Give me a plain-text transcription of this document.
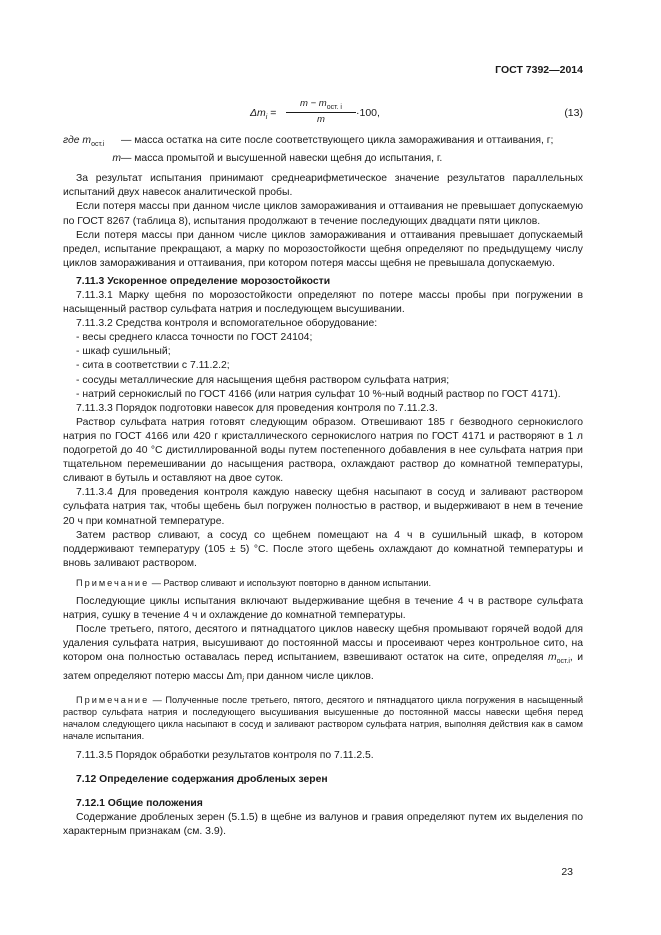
ГОСТ 7392—2014
$\Delta m_i$ =
$m - m_{ост. i}$
m
·100,	(13)
где $m_{ост.i}$	— масса остатка на сите после соответствующего цикла замораживания и оттаивания, г;
m — масса промытой и высушенной навески щебня до испытания, г.

За результат испытания принимают среднеарифметическое значение результатов параллельных испытаний двух навесок аналитической пробы.

Если потеря массы при данном числе циклов замораживания и оттаивания не превышает допускаемую по ГОСТ 8267 (таблица 8), испытания продолжают в течение последующих двадцати пяти циклов.

Если потеря массы при данном числе циклов замораживания и оттаивания превышает допускаемый предел, испытание прекращают, а марку по морозостойкости щебня определяют по предыдущему числу циклов замораживания и оттаивания, при котором потеря массы щебня не превышала допускаемую.

7.11.3 Ускоренное определение морозостойкости

7.11.3.1 Марку щебня по морозостойкости определяют по потере массы пробы при погружении в насыщенный раствор сульфата натрия и последующем высушивании.

7.11.3.2 Средства контроля и вспомогательное оборудование:

- весы среднего класса точности по ГОСТ 24104;

- шкаф сушильный;

- сита в соответствии с 7.11.2.2;

- сосуды металлические для насыщения щебня раствором сульфата натрия;

- натрий сернокислый по ГОСТ 4166 (или натрия сульфат 10 %-ный водный раствор по ГОСТ 4171).

7.11.3.3 Порядок подготовки навесок для проведения контроля по 7.11.2.3.

Раствор сульфата натрия готовят следующим образом. Отвешивают 185 г безводного сернокислого натрия по ГОСТ 4166 или 420 г кристаллического сернокислого натрия по ГОСТ 4171 и растворяют в 1 л подогретой до 40 °С дистиллированной воды путем постепенного добавления в нее сульфата натрия при тщательном перемешивании до насыщения раствора, охлаждают раствор до комнатной температуры, сливают в бутыль и оставляют на двое суток.

7.11.3.4 Для проведения контроля каждую навеску щебня насыпают в сосуд и заливают раствором сульфата натрия так, чтобы щебень был погружен полностью в раствор, и выдерживают в нем в течение 20 ч при комнатной температуре.

Затем раствор сливают, а сосуд со щебнем помещают на 4 ч в сушильный шкаф, в котором поддерживают температуру (105 ± 5) °С. После этого щебень охлаждают до комнатной температуры и вновь заливают раствором.

Примечание — Раствор сливают и используют повторно в данном испытании.

Последующие циклы испытания включают выдерживание щебня в течение 4 ч в растворе сульфата натрия, сушку в течение 4 ч и охлаждение до комнатной температуры.

После третьего, пятого, десятого и пятнадцатого циклов навеску щебня промывают горячей водой для удаления сульфата натрия, высушивают до постоянной массы и просеивают через контрольное сито, на котором она полностью оставалась перед испытанием, взвешивают остаток на сите, определяя $m_{ост.i}$, и затем определяют потерю массы $\Delta m_i$ при данном числе циклов.

Примечание — Полученные после третьего, пятого, десятого и пятнадцатого цикла погружения в насыщенный раствор сульфата натрия и последующего высушивания высушенные до постоянной массы навески щебня перед началом следующего цикла насыпают в сосуд и заливают раствором сульфата натрия, выполняя действия как в самом начале испытания.

7.11.3.5 Порядок обработки результатов контроля по 7.11.2.5.

7.12 Определение содержания дробленых зерен

7.12.1 Общие положения

Содержание дробленых зерен (5.1.5) в щебне из валунов и гравия определяют путем их выделения по характерным признакам (см. 3.9).

23
